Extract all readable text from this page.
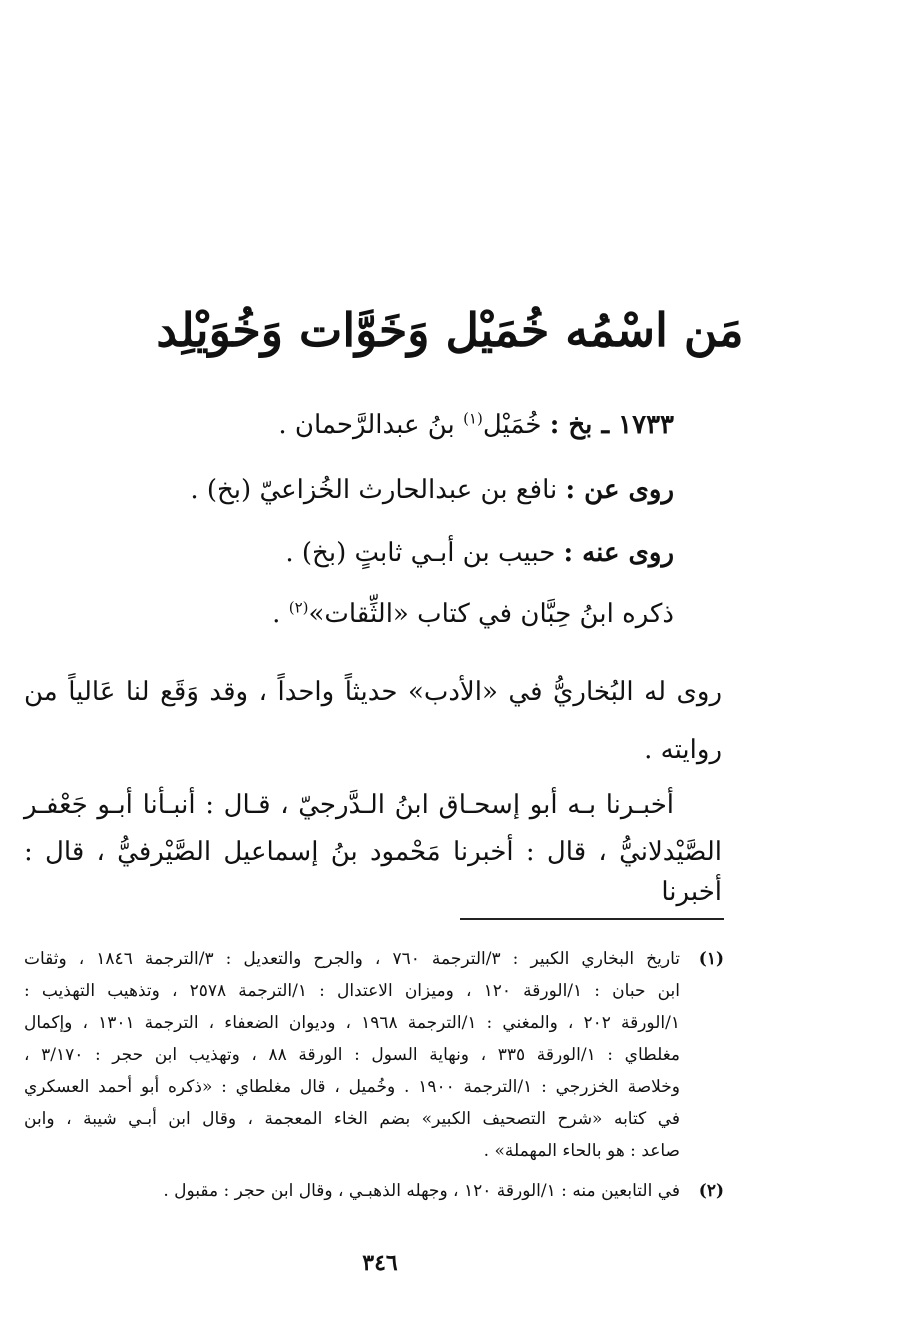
مَن اسْمُه خُمَيْل وَخَوَّات وَخُوَيْلِد

١٧٣٣ ـ بخ : خُمَيْل$^{(١)}$ بنُ عبدالرَّحمان .

روى عن : نافع بن عبدالحارث الخُزاعيّ (بخ) .

روى عنه : حبيب بن أبـي ثابتٍ (بخ) .

ذكره ابنُ حِبَّان في كتاب «الثِّقات»$^{(٢)}$ .

روى له البُخاريُّ في «الأدب» حديثاً واحداً ، وقد وَقَع لنا عَالياً من

روايته .

أخبـرنا بـه أبو إسحـاق ابنُ الـدَّرجيّ ، قـال : أنبـأنا أبـو جَعْفـر

الصَّيْدلانيُّ ، قال : أخبرنا مَحْمود بنُ إسماعيل الصَّيْرفيُّ ، قال : أخبرنا

(١)
تاريخ البخاري الكبير : ٣/الترجمة ٧٦٠ ، والجرح والتعديل : ٣/الترجمة ١٨٤٦ ، وثقات
ابن حبان : ١/الورقة ١٢٠ ، وميزان الاعتدال : ١/الترجمة ٢٥٧٨ ، وتذهيب التهذيب :
١/الورقة ٢٠٢ ، والمغني : ١/الترجمة ١٩٦٨ ، وديوان الضعفاء ، الترجمة ١٣٠١ ، وإكمال
مغلطاي : ١/الورقة ٣٣٥ ، ونهاية السول : الورقة ٨٨ ، وتهذيب ابن حجر : ٣/١٧٠ ،
وخلاصة الخزرجي : ١/الترجمة ١٩٠٠ . وخُميل ، قال مغلطاي : «ذكره أبو أحمد العسكري
في كتابه «شرح التصحيف الكبير» بضم الخاء المعجمة ، وقال ابن أبـي شيبة ، وابن
صاعد : هو بالحاء المهملة» .
(٢)
في التابعين منه : ١/الورقة ١٢٠ ، وجهله الذهبـي ، وقال ابن حجر : مقبول .
٣٤٦
